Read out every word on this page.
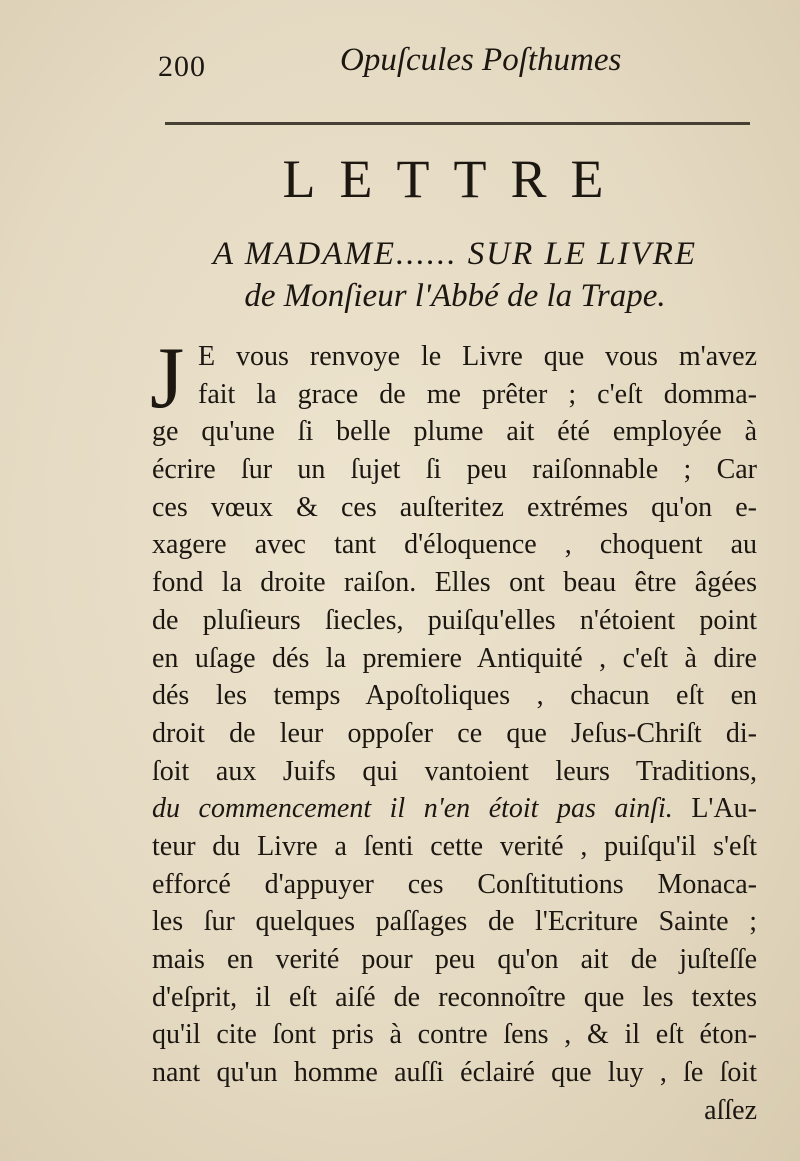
200	Opuſcules Poſthumes
LETTRE
A MADAME...... SUR LE LIVRE
de Monſieur l'Abbé de la Trape.
J E vous renvoye le Livre que vous m'avez
fait la grace de me prêter ; c'eſt domma-
ge qu'une ſi belle plume ait été employée à
écrire ſur un ſujet ſi peu raiſonnable ; Car
ces vœux & ces auſteritez extrémes qu'on e-
xagere avec tant d'éloquence , choquent au
fond la droite raiſon. Elles ont beau être âgées
de pluſieurs ſiecles, puiſqu'elles n'étoient point
en uſage dés la premiere Antiquité , c'eſt à dire
dés les temps Apoſtoliques , chacun eſt en
droit de leur oppoſer ce que Jeſus-Chriſt di-
ſoit aux Juifs qui vantoient leurs Traditions,
du commencement il n'en étoit pas ainſi. L'Au-
teur du Livre a ſenti cette verité , puiſqu'il s'eſt
efforcé d'appuyer ces Conſtitutions Monaca-
les ſur quelques paſſages de l'Ecriture Sainte ;
mais en verité pour peu qu'on ait de juſteſſe
d'eſprit, il eſt aiſé de reconnoître que les textes
qu'il cite ſont pris à contre ſens , & il eſt éton-
nant qu'un homme auſſi éclairé que luy , ſe ſoit
aſſez
